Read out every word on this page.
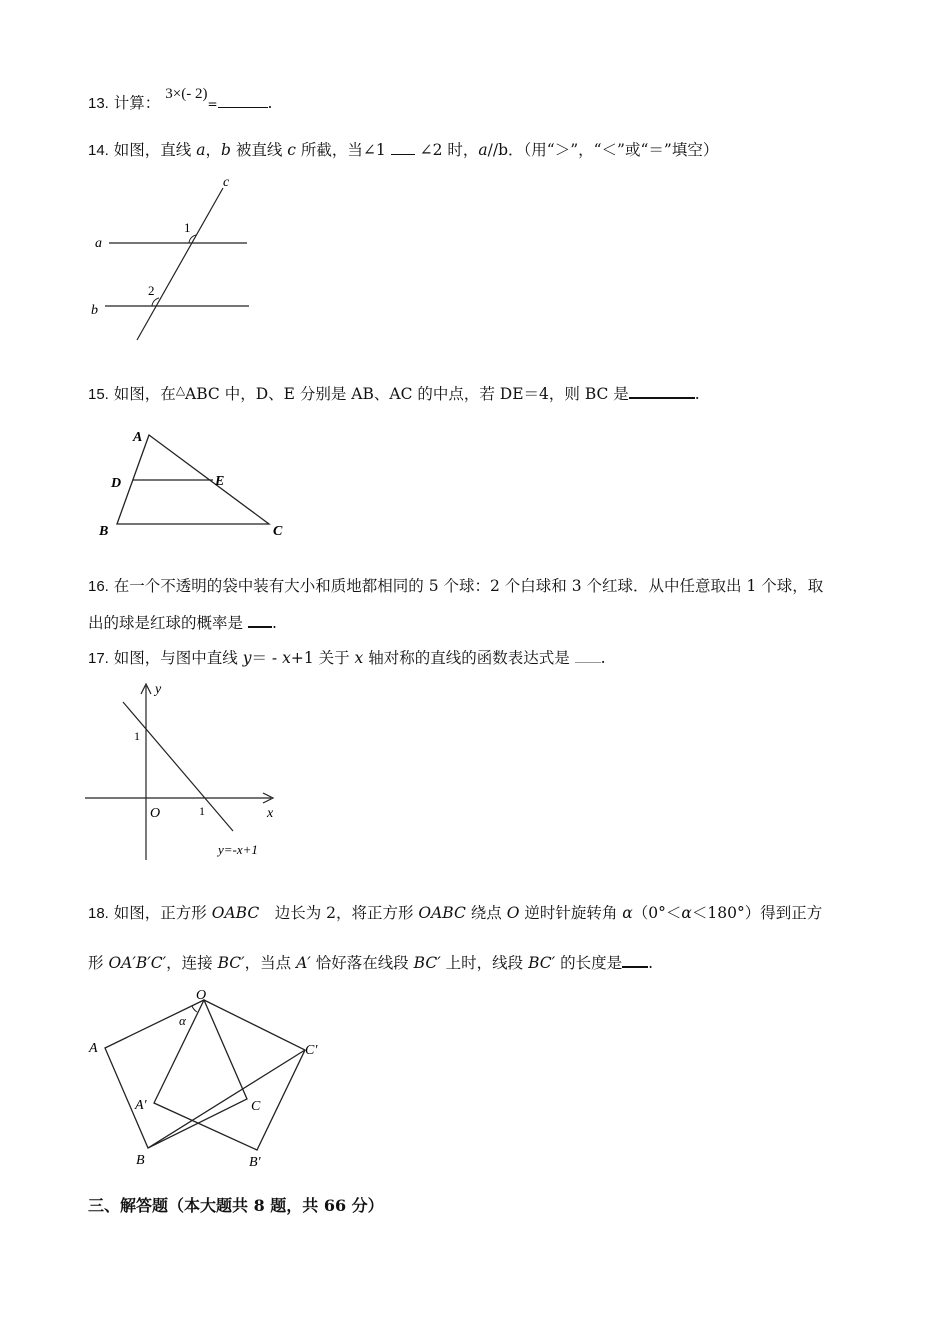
13. 计算： 3×(- 2)=	.
14. 如图，直线 a，b 被直线 c 所截，当∠1  ∠2 时，a//b．（用“＞”，“＜”或“＝”填空）
c
a
b
1
2
15. 如图，在△ABC 中，D、E 分别是 AB、AC 的中点，若 DE＝4，则 BC 是	.
A
B	C
D	E
16. 在一个不透明的袋中装有大小和质地都相同的 5 个球：2 个白球和 3 个红球．从中任意取出 1 个球，取
出的球是红球的概率是 .
17. 如图，与图中直线 y＝ - x+1 关于 x 轴对称的直线的函数表达式是 .
y
x
O
1
1
y=-x+1
18. 如图，正方形 OABC　边长为 2，将正方形 OABC 绕点 O 逆时针旋转角 α（0°＜α＜180°）得到正方
形 OA′B′C′，连接 BC′，当点 A′ 恰好落在线段 BC′ 上时，线段 BC′ 的长度是 .
O
A
B
C
A′
B′
C′
α
三、解答题（本大题共 8 题，共 66 分）
